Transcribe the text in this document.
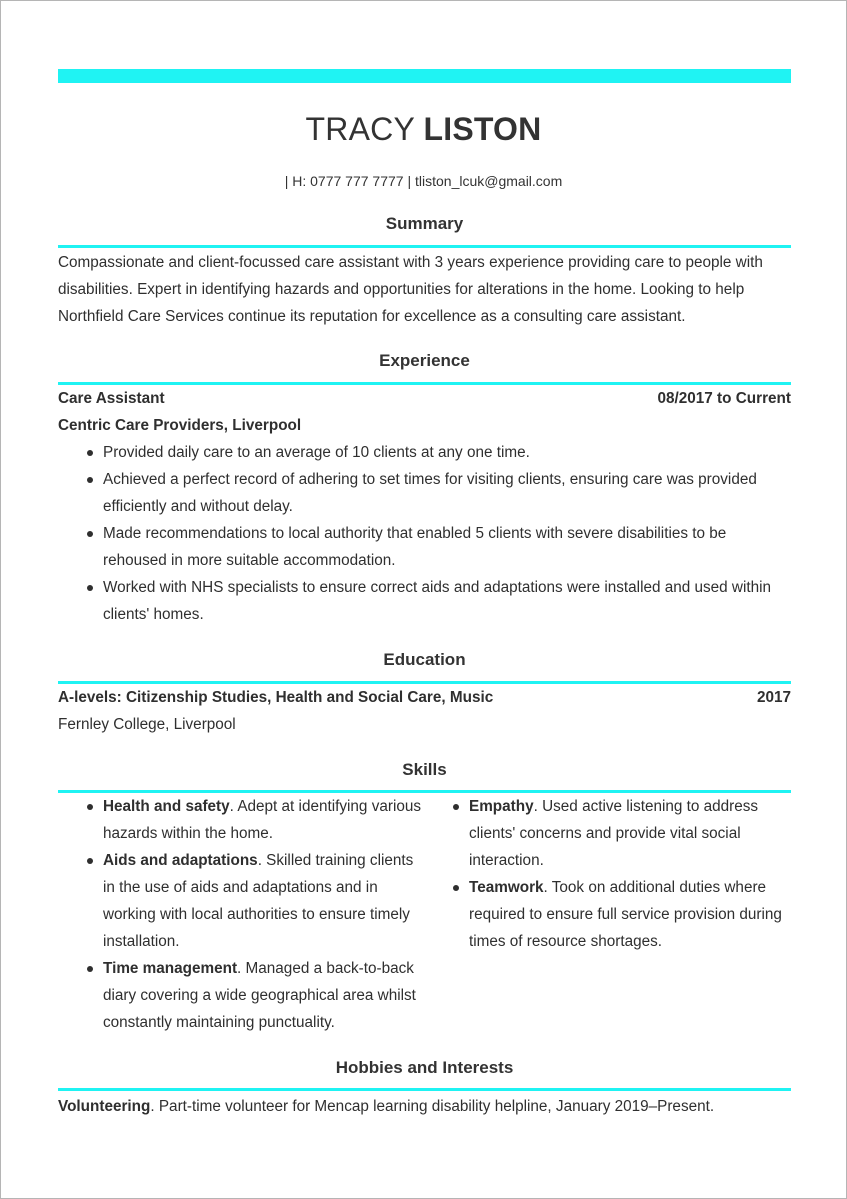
TRACY LISTON
| H: 0777 777 7777 | tliston_lcuk@gmail.com
Summary
Compassionate and client-focussed care assistant with 3 years experience providing care to people with disabilities. Expert in identifying hazards and opportunities for alterations in the home. Looking to help Northfield Care Services continue its reputation for excellence as a consulting care assistant.
Experience
Care Assistant	08/2017 to Current
Centric Care Providers, Liverpool
Provided daily care to an average of 10 clients at any one time.
Achieved a perfect record of adhering to set times for visiting clients, ensuring care was provided efficiently and without delay.
Made recommendations to local authority that enabled 5 clients with severe disabilities to be rehoused in more suitable accommodation.
Worked with NHS specialists to ensure correct aids and adaptations were installed and used within clients' homes.
Education
A-levels: Citizenship Studies, Health and Social Care, Music	2017
Fernley College, Liverpool
Skills
Health and safety. Adept at identifying various hazards within the home.
Aids and adaptations. Skilled training clients in the use of aids and adaptations and in working with local authorities to ensure timely installation.
Time management. Managed a back-to-back diary covering a wide geographical area whilst constantly maintaining punctuality.
Empathy. Used active listening to address clients' concerns and provide vital social interaction.
Teamwork. Took on additional duties where required to ensure full service provision during times of resource shortages.
Hobbies and Interests
Volunteering. Part-time volunteer for Mencap learning disability helpline, January 2019–Present.
